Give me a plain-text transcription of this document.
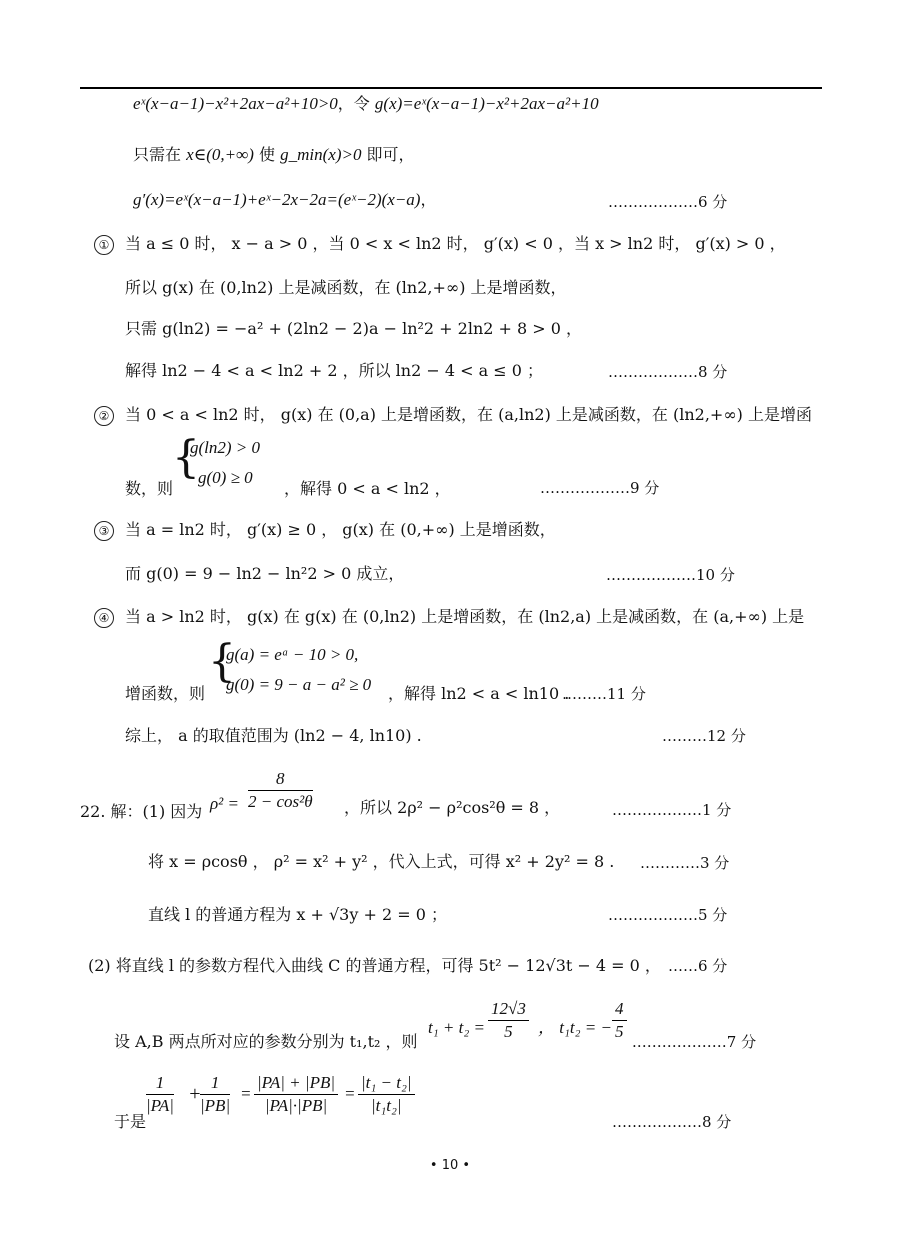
eˣ(x−a−1)−x²+2ax−a²+10>0，令 g(x)=eˣ(x−a−1)−x²+2ax−a²+10
只需在 x∈(0,+∞) 使 g_min(x)>0 即可，
g′(x)=eˣ(x−a−1)+eˣ−2x−2a=(eˣ−2)(x−a)，	………………6 分
① 当 a ≤ 0 时， x − a > 0 ，当 0 < x < ln2 时， g′(x) < 0 ，当 x > ln2 时， g′(x) > 0 ，
所以 g(x) 在 (0,ln2) 上是减函数，在 (ln2,+∞) 上是增函数，
只需 g(ln2) = −a² + (2ln2 − 2)a − ln²2 + 2ln2 + 8 > 0 ，
解得 ln2 − 4 < a < ln2 + 2 ，所以 ln2 − 4 < a ≤ 0 ；	………………8 分
② 当 0 < a < ln2 时， g(x) 在 (0,a) 上是增函数，在 (a,ln2) 上是减函数，在 (ln2,+∞) 上是增函
数，则
{
g(ln2) > 0
g(0) ≥ 0
，解得 0 < a < ln2 ，	………………9 分
③ 当 a = ln2 时， g′(x) ≥ 0 ， g(x) 在 (0,+∞) 上是增函数，
而 g(0) = 9 − ln2 − ln²2 > 0 成立，	………………10 分
④ 当 a > ln2 时， g(x) 在 g(x) 在 (0,ln2) 上是增函数，在 (ln2,a) 上是减函数，在 (a,+∞) 上是
增函数，则
{
g(a) = eᵃ − 10 > 0,
g(0) = 9 − a − a² ≥ 0 ，解得 ln2 < a < ln10 .
………11 分
综上， a 的取值范围为 (ln2 − 4, ln10) .	………12 分
22. 解：(1) 因为 $\rho^2 = \frac{8}{\text{2 − cos²θ}}$ ，所以 2ρ² − ρ²cos²θ = 8 ，	………………1 分
将 x = ρcosθ ， ρ² = x² + y² ，代入上式，可得 x² + 2y² = 8 . …………3 分
直线 l 的普通方程为 x + √3y + 2 = 0 ；	………………5 分
(2) 将直线 l 的参数方程代入曲线 C 的普通方程，可得 5t² − 12√3t − 4 = 0 ， ……6 分
设 A,B 两点所对应的参数分别为 t₁,t₂ ，则
$t_1 + t_2 = \frac{12√3}{5}$ ， t₁t₂ = − $\frac{4}{5}$ .………………7 分
于是
$\frac{1}{|PA|}$ +
$\frac{1}{|PB|} = \frac{|PA| + |PB|}{|PA|\cdot|PB|} = \frac{\text{|t₁ − t₂|}}{\text{|t₁t₂|}}$
………………8 分
• 10 •
